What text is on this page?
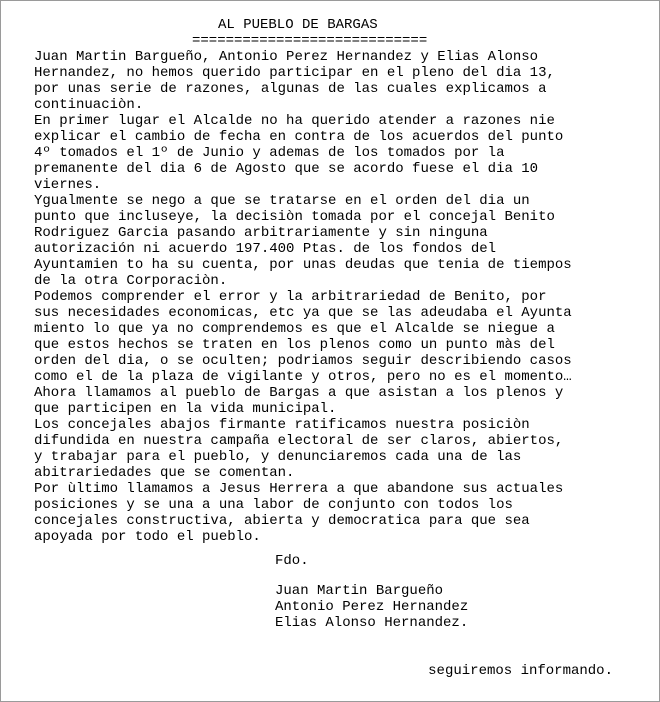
AL PUEBLO DE BARGAS
============================
Juan Martin Bargueño, Antonio Perez Hernandez y Elias Alonso
Hernandez, no hemos querido participar en el pleno del dia 13,
por unas serie de razones, algunas de las cuales explicamos a
continuaciòn.
En primer lugar el Alcalde no ha querido atender a razones nie
explicar el cambio de fecha en contra de los acuerdos del punto
4º tomados el 1º de Junio y ademas de los tomados por la
premanente del dia 6 de Agosto que se acordo fuese el dia 10
viernes.
Ygualmente se nego a que se tratarse en el orden del dia un
punto que incluseye, la decisiòn tomada por el concejal Benito
Rodriguez Garcia pasando arbitrariamente y sin ninguna
autorización ni acuerdo 197.400 Ptas. de los fondos del
Ayuntamien to ha su cuenta, por unas deudas que tenia de tiempos
de la otra Corporaciòn.
Podemos comprender el error y la arbitrariedad de Benito, por
sus necesidades economicas, etc ya que se las adeudaba el Ayunta
miento lo que ya no comprendemos es que el Alcalde se niegue a
que estos hechos se traten en los plenos como un punto màs del
orden del dia, o se oculten; podriamos seguir describiendo casos
como el de la plaza de vigilante y otros, pero no es el momento…
Ahora llamamos al pueblo de Bargas a que asistan a los plenos y
que participen en la vida municipal.
Los concejales abajos firmante ratificamos nuestra posiciòn
difundida en nuestra campaña electoral de ser claros, abiertos,
y trabajar para el pueblo, y denunciaremos cada una de las
abitrariedades que se comentan.
Por ùltimo llamamos a Jesus Herrera a que abandone sus actuales
posiciones y se una a una labor de conjunto con todos los
concejales constructiva, abierta y democratica para que sea
apoyada por todo el pueblo.
Fdo.
Juan Martin Bargueño
Antonio Perez Hernandez
Elias Alonso Hernandez.
seguiremos informando.
